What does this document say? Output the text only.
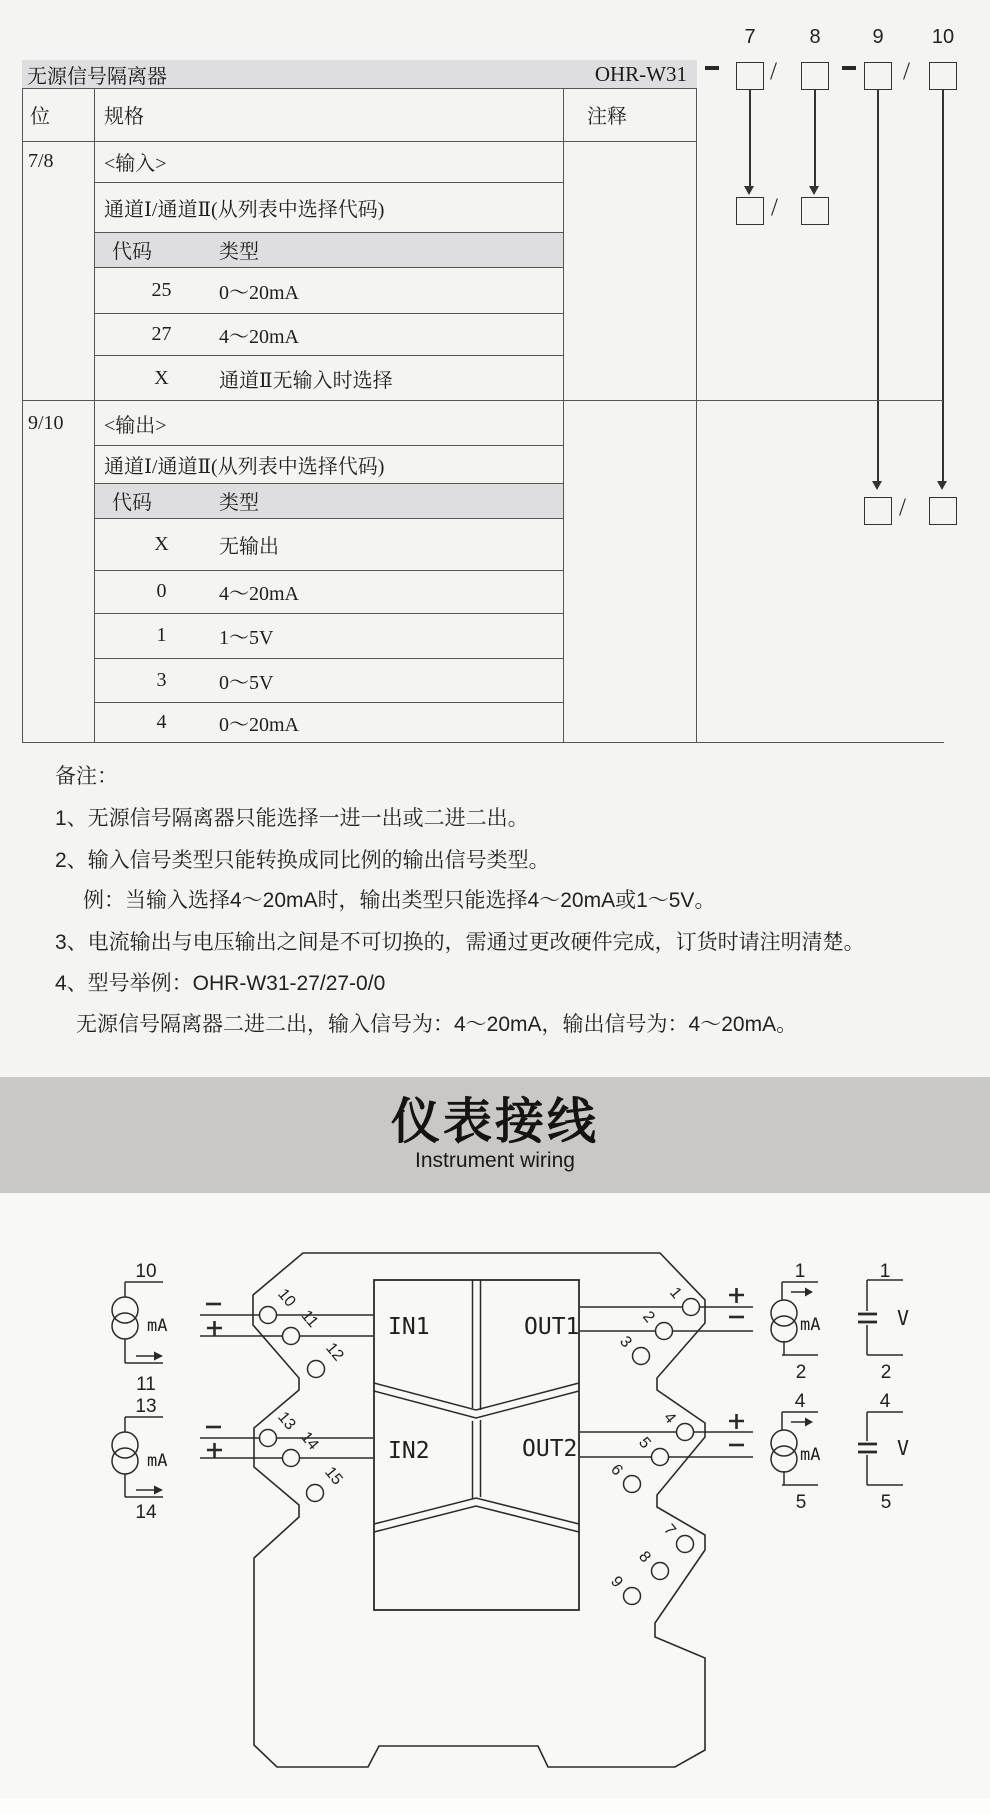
无源信号隔离器	OHR-W31
7	8	9	10
/	/
/
/
位	规格	注释
7/8	<输入>
通道Ⅰ/通道Ⅱ(从列表中选择代码)
代码	类型
25	0～20mA
27	4～20mA
X	通道Ⅱ无输入时选择
9/10 <输出>
通道Ⅰ/通道Ⅱ(从列表中选择代码)
代码	类型
X	无输出
0	4～20mA
1	1～5V
3	0～5V
4	0～20mA
备注：
1、无源信号隔离器只能选择一进一出或二进二出。
2、输入信号类型只能转换成同比例的输出信号类型。
例：当输入选择4～20mA时，输出类型只能选择4～20mA或1～5V。
3、电流输出与电压输出之间是不可切换的，需通过更改硬件完成，订货时请注明清楚。
4、型号举例：OHR-W31-27/27-0/0
无源信号隔离器二进二出，输入信号为：4～20mA，输出信号为：4～20mA。
仪表接线
Instrument wiring
10
mA
11
13
mA
14
10
11
12
13
14
15
1
2
3
4
5
6
7
8
9
IN1	OUT1
IN2	OUT2
1
mA
2
4
mA
5
1
V
2
4
V
5
